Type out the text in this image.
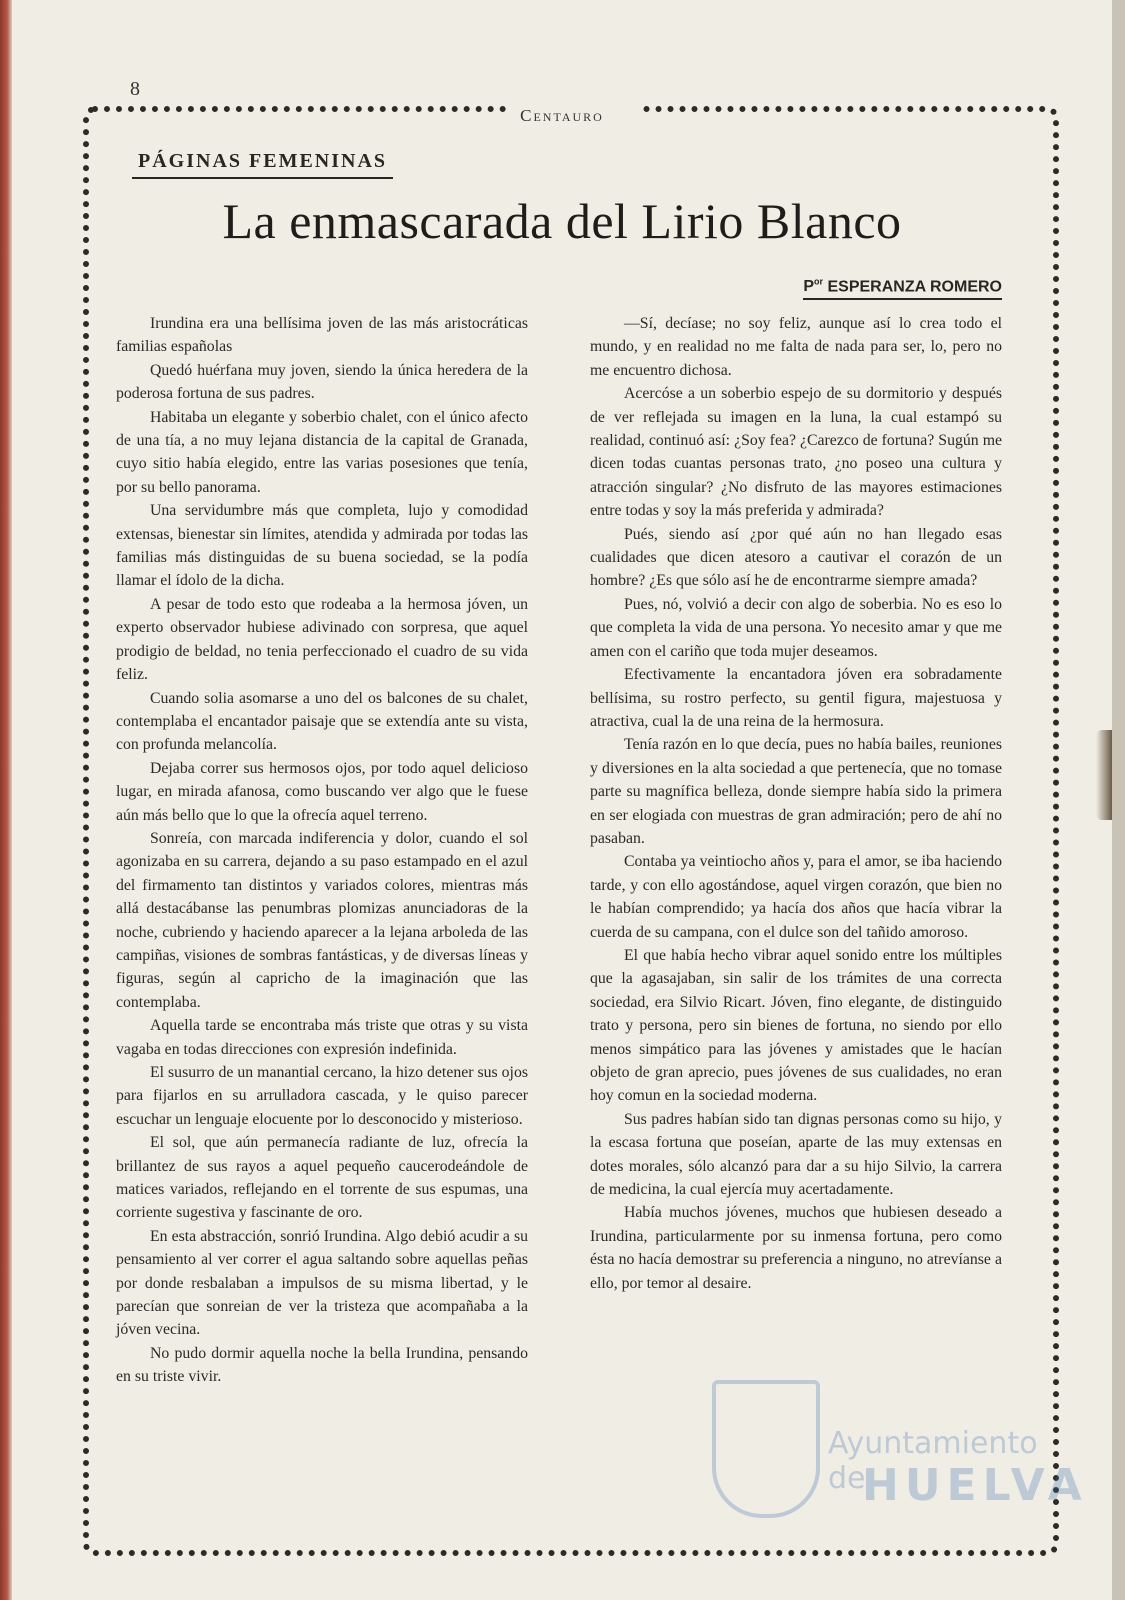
8
Centauro
PÁGINAS FEMENINAS
La enmascarada del Lirio Blanco
$P^{or}$ ESPERANZA ROMERO

Irundina era una bellísima joven de las más aristocráticas familias españolas

Quedó huérfana muy joven, siendo la única heredera de la poderosa fortuna de sus padres.

Habitaba un elegante y soberbio chalet, con el único afecto de una tía, a no muy lejana distancia de la capital de Granada, cuyo sitio había elegido, entre las varias posesiones que tenía, por su bello panorama.

Una servidumbre más que completa, lujo y comodidad extensas, bienestar sin límites, atendida y admirada por todas las familias más distinguidas de su buena sociedad, se la podía llamar el ídolo de la dicha.

A pesar de todo esto que rodeaba a la hermosa jóven, un experto observador hubiese adivinado con sorpresa, que aquel prodigio de beldad, no tenia perfeccionado el cuadro de su vida feliz.

Cuando solia asomarse a uno del os balcones de su chalet, contemplaba el encantador paisaje que se extendía ante su vista, con profunda melancolía.

Dejaba correr sus hermosos ojos, por todo aquel delicioso lugar, en mirada afanosa, como buscando ver algo que le fuese aún más bello que lo que la ofrecía aquel terreno.

Sonreía, con marcada indiferencia y dolor, cuando el sol agonizaba en su carrera, dejando a su paso estampado en el azul del firmamento tan distintos y variados colores, mientras más allá destacábanse las penumbras plomizas anunciadoras de la noche, cubriendo y haciendo aparecer a la lejana arboleda de las campiñas, visiones de sombras fantásticas, y de diversas líneas y figuras, según al capricho de la imaginación que las contemplaba.

Aquella tarde se encontraba más triste que otras y su vista vagaba en todas direcciones con expresión indefinida.

El susurro de un manantial cercano, la hizo detener sus ojos para fijarlos en su arrulladora cascada, y le quiso parecer escuchar un lenguaje elocuente por lo desconocido y misterioso.

El sol, que aún permanecía radiante de luz, ofrecía la brillantez de sus rayos a aquel pequeño caucerodeándole de matices variados, reflejando en el torrente de sus espumas, una corriente sugestiva y fascinante de oro.

En esta abstracción, sonrió Irundina. Algo debió acudir a su pensamiento al ver correr el agua saltando sobre aquellas peñas por donde resbalaban a impulsos de su misma libertad, y le parecían que sonreian de ver la tristeza que acompañaba a la jóven vecina.

No pudo dormir aquella noche la bella Irundina, pensando en su triste vivir.

—Sí, decíase; no soy feliz, aunque así lo crea todo el mundo, y en realidad no me falta de nada para ser, lo, pero no me encuentro dichosa.

Acercóse a un soberbio espejo de su dormitorio y después de ver reflejada su imagen en la luna, la cual estampó su realidad, continuó así: ¿Soy fea? ¿Carezco de fortuna? Sugún me dicen todas cuantas personas trato, ¿no poseo una cultura y atracción singular? ¿No disfruto de las mayores estimaciones entre todas y soy la más preferida y admirada?

Pués, siendo así ¿por qué aún no han llegado esas cualidades que dicen atesoro a cautivar el corazón de un hombre? ¿Es que sólo así he de encontrarme siempre amada?

Pues, nó, volvió a decir con algo de soberbia. No es eso lo que completa la vida de una persona. Yo necesito amar y que me amen con el cariño que toda mujer deseamos.

Efectivamente la encantadora jóven era sobradamente bellísima, su rostro perfecto, su gentil figura, majestuosa y atractiva, cual la de una reina de la hermosura.

Tenía razón en lo que decía, pues no había bailes, reuniones y diversiones en la alta sociedad a que pertenecía, que no tomase parte su magnífica belleza, donde siempre había sido la primera en ser elogiada con muestras de gran admiración; pero de ahí no pasaban.

Contaba ya veintiocho años y, para el amor, se iba haciendo tarde, y con ello agostándose, aquel virgen corazón, que bien no le habían comprendido; ya hacía dos años que hacía vibrar la cuerda de su campana, con el dulce son del tañido amoroso.

El que había hecho vibrar aquel sonido entre los múltiples que la agasajaban, sin salir de los trámites de una correcta sociedad, era Silvio Ricart. Jóven, fino elegante, de distinguido trato y persona, pero sin bienes de fortuna, no siendo por ello menos simpático para las jóvenes y amistades que le hacían objeto de gran aprecio, pues jóvenes de sus cualidades, no eran hoy comun en la sociedad moderna.

Sus padres habían sido tan dignas personas como su hijo, y la escasa fortuna que poseían, aparte de las muy extensas en dotes morales, sólo alcanzó para dar a su hijo Silvio, la carrera de medicina, la cual ejercía muy acertadamente.

Había muchos jóvenes, muchos que hubiesen deseado a Irundina, particularmente por su inmensa fortuna, pero como ésta no hacía demostrar su preferencia a ninguno, no atrevíanse a ello, por temor al desaire.

Ayuntamiento de
HUELVA
